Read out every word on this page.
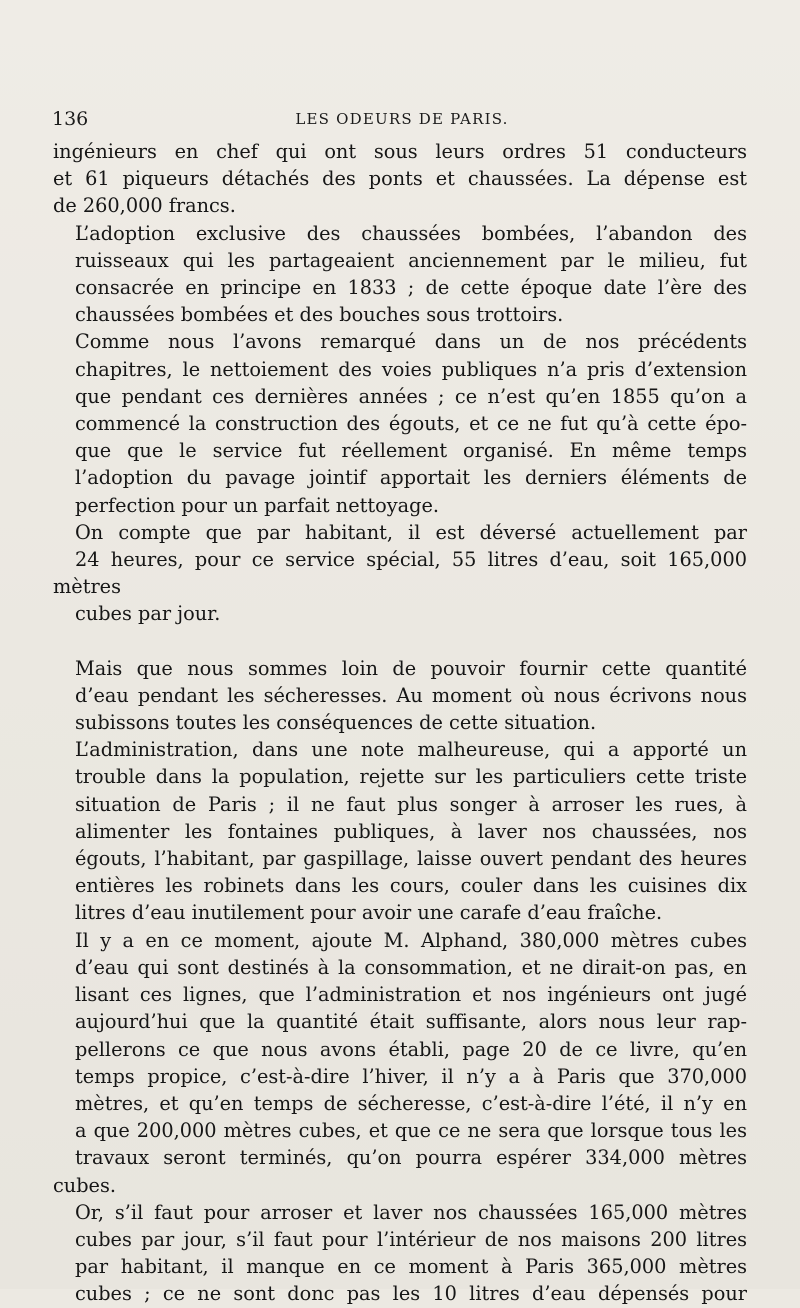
136	LES ODEURS DE PARIS.

ingénieurs en chef qui ont sous leurs ordres 51 conducteurs
et 61 piqueurs détachés des ponts et chaussées. La dépense est
de 260,000 francs.

L’adoption exclusive des chaussées bombées, l’abandon des
ruisseaux qui les partageaient anciennement par le milieu, fut
consacrée en principe en 1833 ; de cette époque date l’ère des
chaussées bombées et des bouches sous trottoirs.

Comme nous l’avons remarqué dans un de nos précédents
chapitres, le nettoiement des voies publiques n’a pris d’extension
que pendant ces dernières années ; ce n’est qu’en 1855 qu’on a
commencé la construction des égouts, et ce ne fut qu’à cette épo-
que que le service fut réellement organisé. En même temps
l’adoption du pavage jointif apportait les derniers éléments de
perfection pour un parfait nettoyage.

On compte que par habitant, il est déversé actuellement par
24 heures, pour ce service spécial, 55 litres d’eau, soit 165,000 mètres
cubes par jour.

Mais que nous sommes loin de pouvoir fournir cette quantité
d’eau pendant les sécheresses. Au moment où nous écrivons nous
subissons toutes les conséquences de cette situation.

L’administration, dans une note malheureuse, qui a apporté un
trouble dans la population, rejette sur les particuliers cette triste
situation de Paris ; il ne faut plus songer à arroser les rues, à
alimenter les fontaines publiques, à laver nos chaussées, nos
égouts, l’habitant, par gaspillage, laisse ouvert pendant des heures
entières les robinets dans les cours, couler dans les cuisines dix
litres d’eau inutilement pour avoir une carafe d’eau fraîche.

Il y a en ce moment, ajoute M. Alphand, 380,000 mètres cubes
d’eau qui sont destinés à la consommation, et ne dirait-on pas, en
lisant ces lignes, que l’administration et nos ingénieurs ont jugé
aujourd’hui que la quantité était suffisante, alors nous leur rap-
pellerons ce que nous avons établi, page 20 de ce livre, qu’en
temps propice, c’est-à-dire l’hiver, il n’y a à Paris que 370,000
mètres, et qu’en temps de sécheresse, c’est-à-dire l’été, il n’y en
a que 200,000 mètres cubes, et que ce ne sera que lorsque tous les
travaux seront terminés, qu’on pourra espérer 334,000 mètres cubes.

Or, s’il faut pour arroser et laver nos chaussées 165,000 mètres
cubes par jour, s’il faut pour l’intérieur de nos maisons 200 litres
par habitant, il manque en ce moment à Paris 365,000 mètres
cubes ; ce ne sont donc pas les 10 litres d’eau dépensés pour
